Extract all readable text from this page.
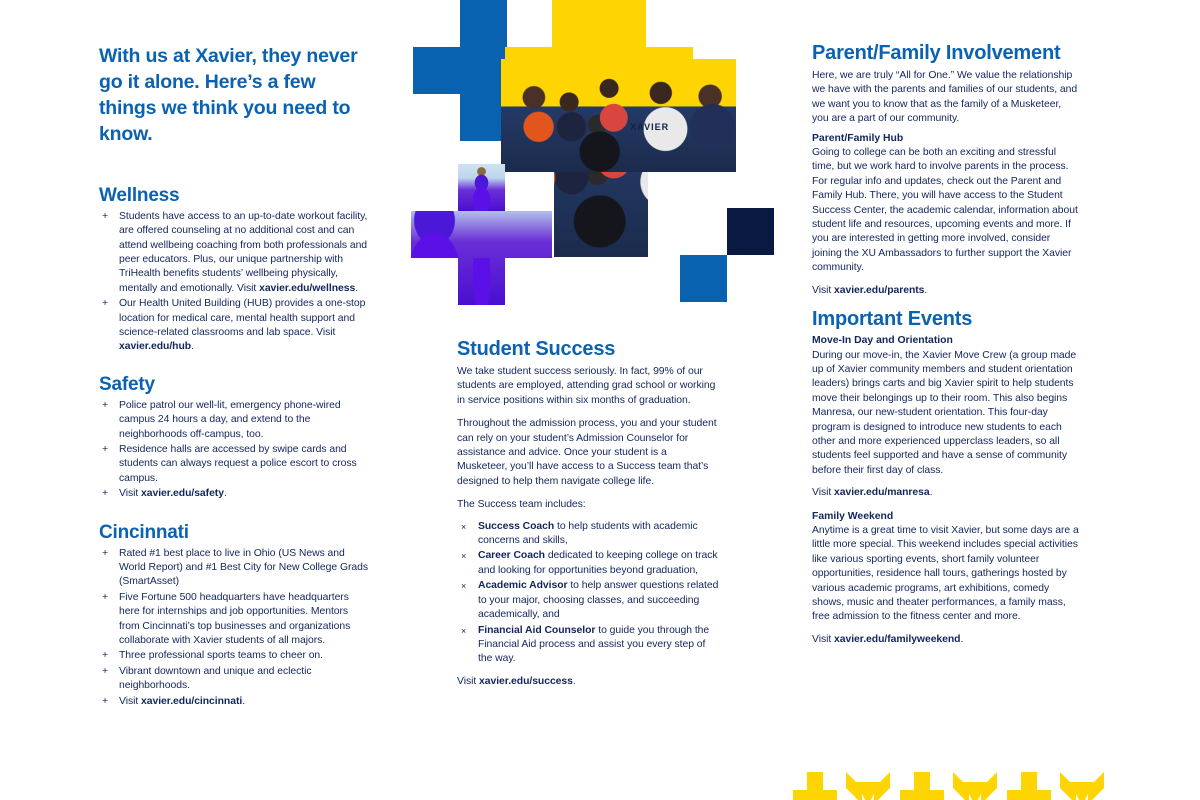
XAVIER
With us at Xavier, they never go it alone. Here’s a few things we think you need to know.
Wellness
+ Students have access to an up-to-date workout facility, are offered counseling at no additional cost and can attend wellbeing coaching from both professionals and peer educators. Plus, our unique partnership with TriHealth benefits students’ wellbeing physically, mentally and emotionally. Visit xavier.edu/wellness.
+ Our Health United Building (HUB) provides a one-stop location for medical care, mental health support and science-related classrooms and lab space. Visit xavier.edu/hub.
Safety
+ Police patrol our well-lit, emergency phone-wired campus 24 hours a day, and extend to the neighborhoods off-campus, too.
+ Residence halls are accessed by swipe cards and students can always request a police escort to cross campus.
+ Visit xavier.edu/safety.
Cincinnati
+ Rated #1 best place to live in Ohio (US News and World Report) and #1 Best City for New College Grads (SmartAsset)
+ Five Fortune 500 headquarters have headquarters here for internships and job opportunities. Mentors from Cincinnati’s top businesses and organizations collaborate with Xavier students of all majors.
+ Three professional sports teams to cheer on.
+ Vibrant downtown and unique and eclectic neighborhoods.
+ Visit xavier.edu/cincinnati.
Student Success

We take student success seriously. In fact, 99% of our students are employed, attending grad school or working in service positions within six months of graduation.

Throughout the admission process, you and your student can rely on your student’s Admission Counselor for assistance and advice. Once your student is a Musketeer, you’ll have access to a Success team that’s designed to help them navigate college life.

The Success team includes:

× Success Coach to help students with academic concerns and skills,
× Career Coach dedicated to keeping college on track and looking for opportunities beyond graduation,
× Academic Advisor to help answer questions related to your major, choosing classes, and succeeding academically, and
× Financial Aid Counselor to guide you through the Financial Aid process and assist you every step of the way.
Visit xavier.edu/success.
Parent/Family Involvement

Here, we are truly “All for One.” We value the relationship we have with the parents and families of our students, and we want you to know that as the family of a Musketeer, you are a part of our community.

Parent/Family Hub

Going to college can be both an exciting and stressful time, but we work hard to involve parents in the process. For regular info and updates, check out the Parent and Family Hub. There, you will have access to the Student Success Center, the academic calendar, information about student life and resources, upcoming events and more. If you are interested in getting more involved, consider joining the XU Ambassadors to further support the Xavier community.

Visit xavier.edu/parents.
Important Events
Move-In Day and Orientation

During our move-in, the Xavier Move Crew (a group made up of Xavier community members and student orientation leaders) brings carts and big Xavier spirit to help students move their belongings up to their room. This also begins Manresa, our new-student orientation. This four-day program is designed to introduce new students to each other and more experienced upperclass leaders, so all students feel supported and have a sense of community before their first day of class.

Visit xavier.edu/manresa.
Family Weekend

Anytime is a great time to visit Xavier, but some days are a little more special. This weekend includes special activities like various sporting events, short family volunteer opportunities, residence hall tours, gatherings hosted by various academic programs, art exhibitions, comedy shows, music and theater performances, a family mass, free admission to the fitness center and more.

Visit xavier.edu/familyweekend.
